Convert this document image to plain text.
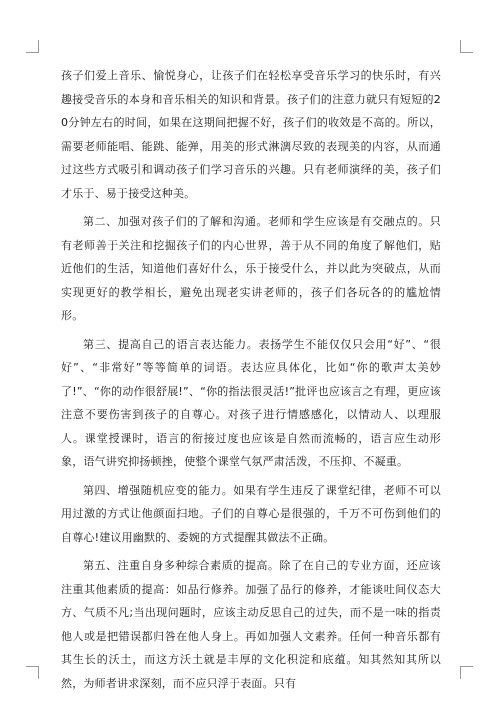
孩子们爱上音乐、愉悦身心，让孩子们在轻松享受音乐学习的快乐时，有兴趣接受音乐的本身和音乐相关的知识和背景。孩子们的注意力就只有短短的20分钟左右的时间，如果在这期间把握不好，孩子们的收效是不高的。所以，需要老师能唱、能跳、能弹，用美的形式淋漓尽致的表现美的内容，从而通过这些方式吸引和调动孩子们学习音乐的兴趣。只有老师演绎的美，孩子们才乐于、易于接受这种美。

第二、加强对孩子们的了解和沟通。老师和学生应该是有交融点的。只有老师善于关注和挖掘孩子们的内心世界，善于从不同的角度了解他们，贴近他们的生活，知道他们喜好什么，乐于接受什么，并以此为突破点，从而实现更好的教学相长，避免出现老实讲老师的，孩子们各玩各的的尴尬情形。

第三、提高自己的语言表达能力。表扬学生不能仅仅只会用“好”、“很好”、“非常好”等等简单的词语。表达应具体化，比如“你的歌声太美妙了!”、“你的动作很舒展!”、“你的指法很灵活!”批评也应该言之有理，更应该注意不要伤害到孩子的自尊心。对孩子进行情感感化，以情动人、以理服人。课堂授课时，语言的衔接过度也应该是自然而流畅的，语言应生动形象，语气讲究抑扬顿挫，使整个课堂气氛严肃活泼，不压抑、不凝重。

第四、增强随机应变的能力。如果有学生违反了课堂纪律，老师不可以用过激的方式让他颜面扫地。子们的自尊心是很强的，千万不可伤到他们的自尊心!建议用幽默的、委婉的方式提醒其做法不正确。

第五、注重自身多种综合素质的提高。除了在自己的专业方面，还应该注重其他素质的提高：如品行修养。加强了品行的修养，才能谈吐间仪态大方、气质不凡;当出现问题时，应该主动反思自己的过失，而不是一味的指责他人或是把错误都归咎在他人身上。再如加强人文素养。任何一种音乐都有其生长的沃土，而这方沃土就是丰厚的文化积淀和底蕴。知其然知其所以然，为师者讲求深刻，而不应只浮于表面。只有
